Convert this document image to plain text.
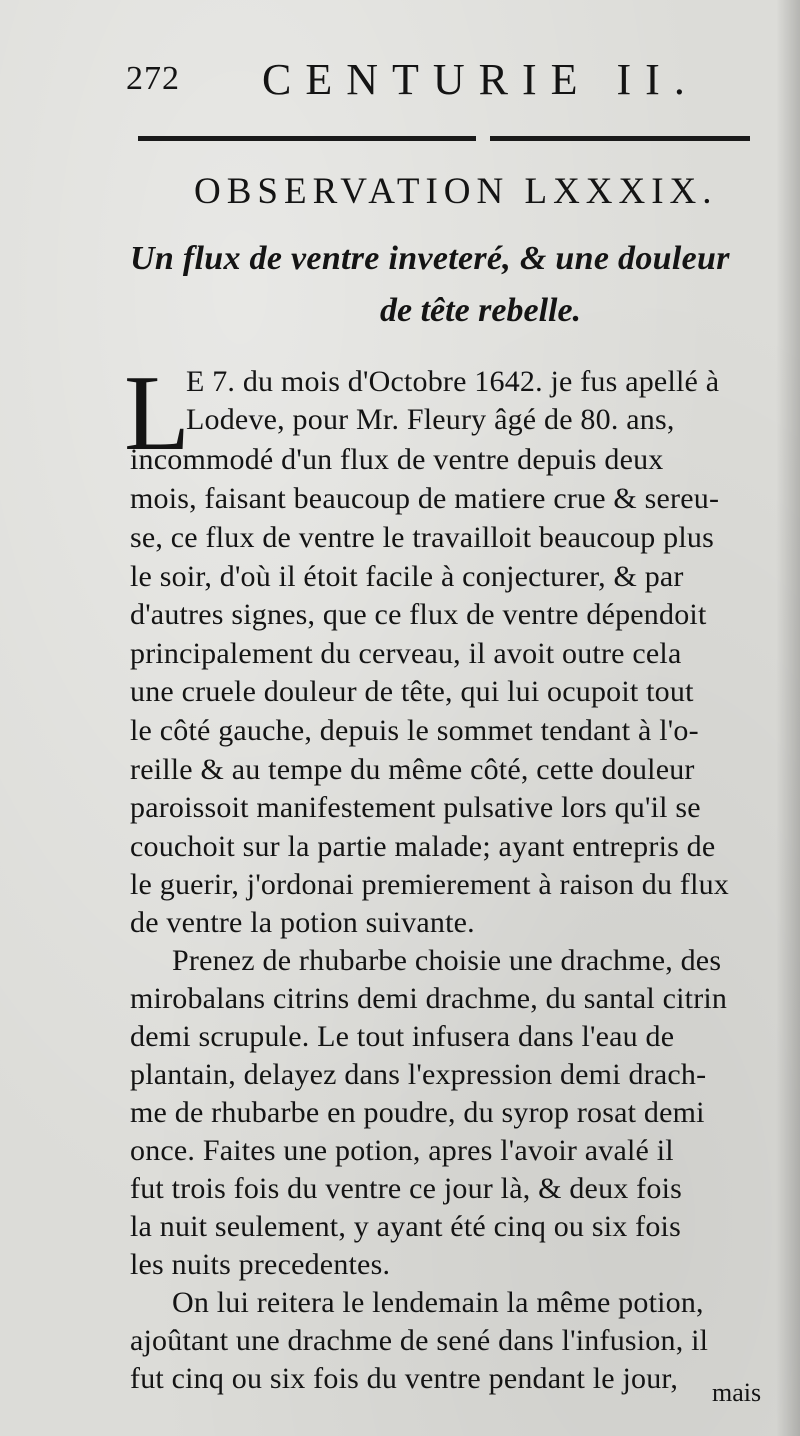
272 CENTURIE II.
OBSERVATION LXXXIX.
Un flux de ventre inveteré, & une douleur
de tête rebelle.
L
E 7. du mois d'Octobre 1642. je fus apellé à
Lodeve, pour Mr. Fleury âgé de 80. ans,
incommodé d'un flux de ventre depuis deux
mois, faisant beaucoup de matiere crue & sereu-
se, ce flux de ventre le travailloit beaucoup plus
le soir, d'où il étoit facile à conjecturer, & par
d'autres signes, que ce flux de ventre dépendoit
principalement du cerveau, il avoit outre cela
une cruele douleur de tête, qui lui ocupoit tout
le côté gauche, depuis le sommet tendant à l'o-
reille & au tempe du même côté, cette douleur
paroissoit manifestement pulsative lors qu'il se
couchoit sur la partie malade; ayant entrepris de
le guerir, j'ordonai premierement à raison du flux
de ventre la potion suivante.
Prenez de rhubarbe choisie une drachme, des
mirobalans citrins demi drachme, du santal citrin
demi scrupule. Le tout infusera dans l'eau de
plantain, delayez dans l'expression demi drach-
me de rhubarbe en poudre, du syrop rosat demi
once. Faites une potion, apres l'avoir avalé il
fut trois fois du ventre ce jour là, & deux fois
la nuit seulement, y ayant été cinq ou six fois
les nuits precedentes.
On lui reitera le lendemain la même potion,
ajoûtant une drachme de sené dans l'infusion, il
fut cinq ou six fois du ventre pendant le jour, mais
